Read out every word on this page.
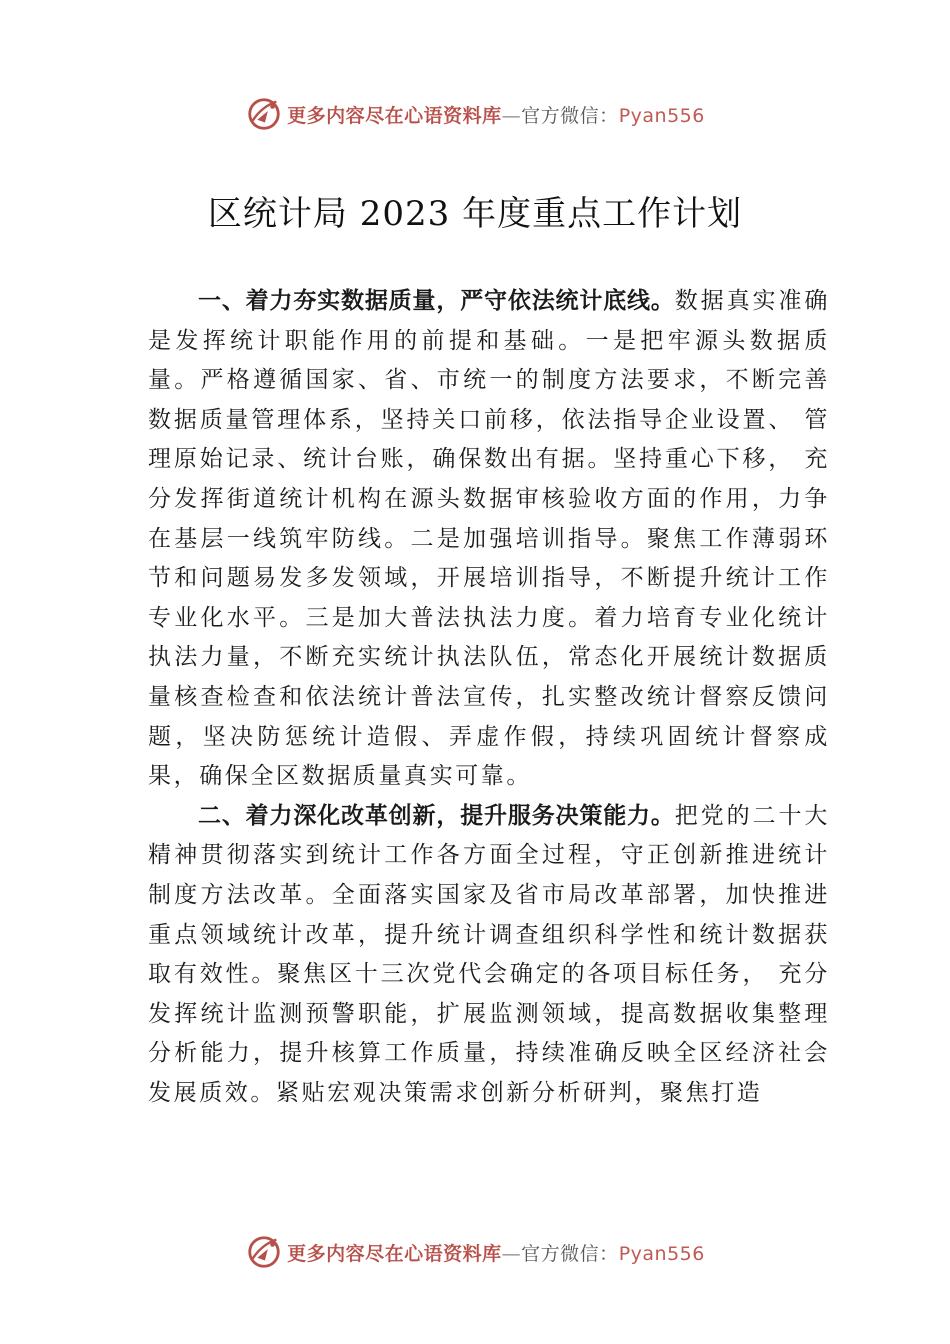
更多内容尽在心语资料库—官方微信：Pyan556
区统计局 2023 年度重点工作计划

一、着力夯实数据质量，严守依法统计底线。数据真实准确是发挥统计职能作用的前提和基础。一是把牢源头数据质量。严格遵循国家、省、市统一的制度方法要求，不断完善数据质量管理体系，坚持关口前移，依法指导企业设置、 管理原始记录、统计台账，确保数出有据。坚持重心下移， 充分发挥街道统计机构在源头数据审核验收方面的作用，力争在基层一线筑牢防线。二是加强培训指导。聚焦工作薄弱环节和问题易发多发领域，开展培训指导，不断提升统计工作专业化水平。三是加大普法执法力度。着力培育专业化统计执法力量，不断充实统计执法队伍，常态化开展统计数据质量核查检查和依法统计普法宣传，扎实整改统计督察反馈问题，坚决防惩统计造假、弄虚作假，持续巩固统计督察成果，确保全区数据质量真实可靠。

二、着力深化改革创新，提升服务决策能力。把党的二十大精神贯彻落实到统计工作各方面全过程，守正创新推进统计制度方法改革。全面落实国家及省市局改革部署，加快推进重点领域统计改革，提升统计调查组织科学性和统计数据获取有效性。聚焦区十三次党代会确定的各项目标任务， 充分发挥统计监测预警职能，扩展监测领域，提高数据收集整理分析能力，提升核算工作质量，持续准确反映全区经济社会发展质效。紧贴宏观决策需求创新分析研判，聚焦打造

更多内容尽在心语资料库—官方微信：Pyan556
